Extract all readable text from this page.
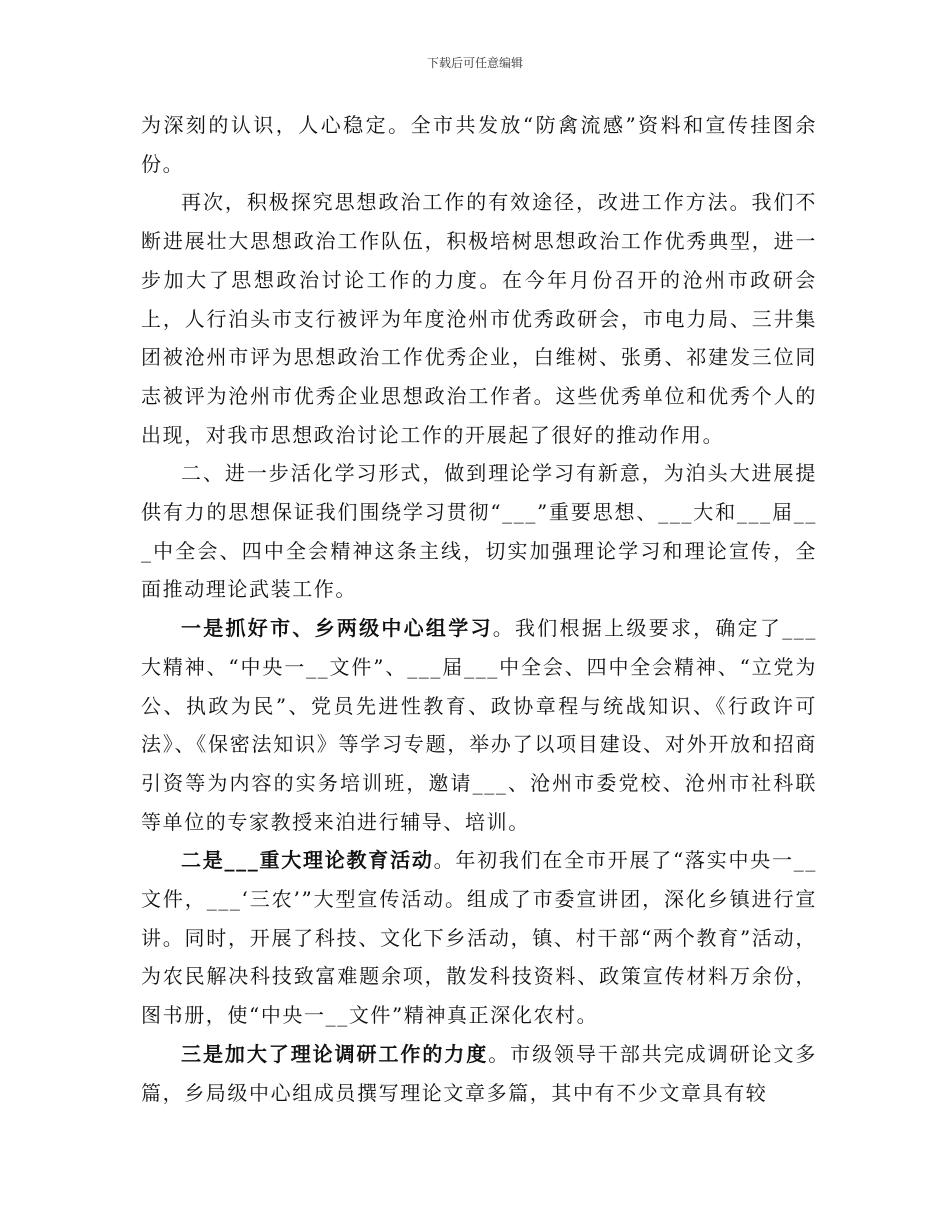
下载后可任意编辑

为深刻的认识，人心稳定。全市共发放“防禽流感”资料和宣传挂图余份。

再次，积极探究思想政治工作的有效途径，改进工作方法。我们不断进展壮大思想政治工作队伍，积极培树思想政治工作优秀典型，进一步加大了思想政治讨论工作的力度。在今年月份召开的沧州市政研会上，人行泊头市支行被评为年度沧州市优秀政研会，市电力局、三井集团被沧州市评为思想政治工作优秀企业，白维树、张勇、祁建发三位同志被评为沧州市优秀企业思想政治工作者。这些优秀单位和优秀个人的出现，对我市思想政治讨论工作的开展起了很好的推动作用。

二、进一步活化学习形式，做到理论学习有新意，为泊头大进展提供有力的思想保证我们围绕学习贯彻“___”重要思想、___大和___届___中全会、四中全会精神这条主线，切实加强理论学习和理论宣传，全面推动理论武装工作。

一是抓好市、乡两级中心组学习。我们根据上级要求，确定了___大精神、“中央一__文件”、___届___中全会、四中全会精神、“立党为公、执政为民”、党员先进性教育、政协章程与统战知识、《行政许可法》、《保密法知识》等学习专题，举办了以项目建设、对外开放和招商引资等为内容的实务培训班，邀请___、沧州市委党校、沧州市社科联等单位的专家教授来泊进行辅导、培训。

二是___重大理论教育活动。年初我们在全市开展了“落实中央一__文件，___‘三农’”大型宣传活动。组成了市委宣讲团，深化乡镇进行宣讲。同时，开展了科技、文化下乡活动，镇、村干部“两个教育”活动，为农民解决科技致富难题余项，散发科技资料、政策宣传材料万余份，图书册，使“中央一__文件”精神真正深化农村。

三是加大了理论调研工作的力度。市级领导干部共完成调研论文多篇，乡局级中心组成员撰写理论文章多篇，其中有不少文章具有较
